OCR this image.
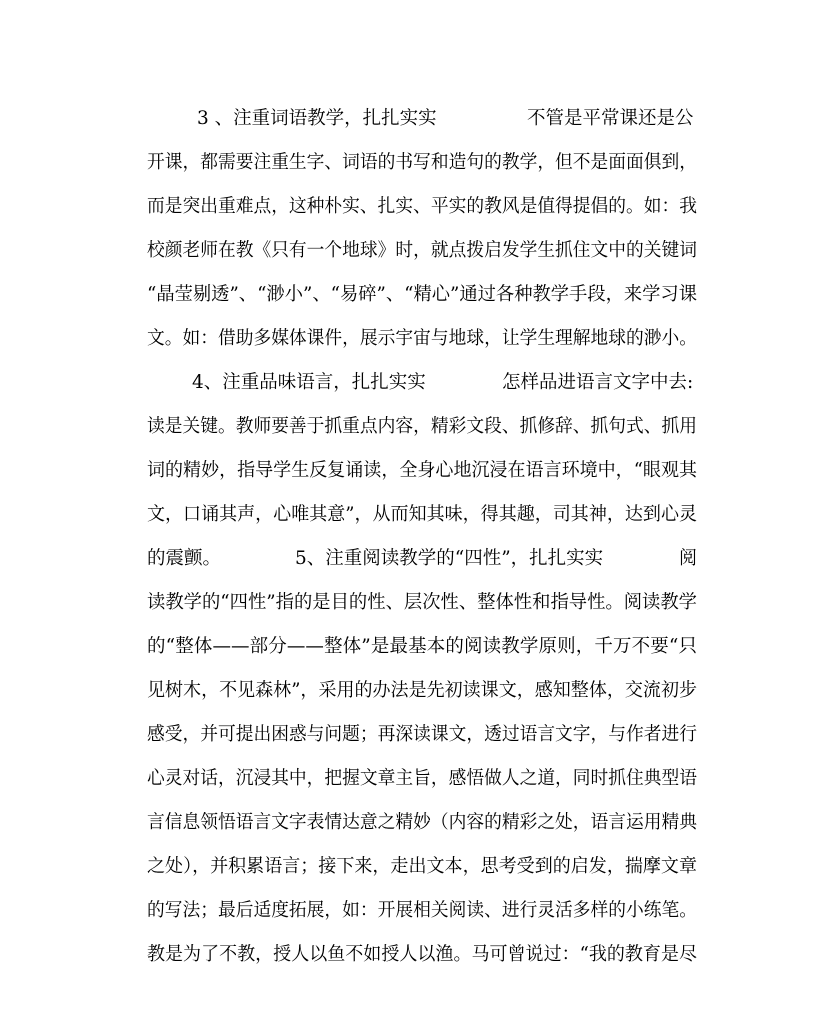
3 、注重词语教学，扎扎实实	不管是平常课还是公
开课，都需要注重生字、词语的书写和造句的教学，但不是面面俱到，
而是突出重难点，这种朴实、扎实、平实的教风是值得提倡的。如：我
校颜老师在教《只有一个地球》时，就点拨启发学生抓住文中的关键词
“晶莹剔透”、“渺小”、“易碎”、“精心”通过各种教学手段，来学习课
文。如：借助多媒体课件，展示宇宙与地球，让学生理解地球的渺小。
4、注重品味语言，扎扎实实	怎样品进语言文字中去:
读是关键。教师要善于抓重点内容，精彩文段、抓修辞、抓句式、抓用
词的精妙，指导学生反复诵读，全身心地沉浸在语言环境中，“眼观其
文，口诵其声，心唯其意”，从而知其味，得其趣，司其神，达到心灵
的震颤。	5、注重阅读教学的“四性”，扎扎实实	阅
读教学的“四性”指的是目的性、层次性、整体性和指导性。阅读教学
的“整体——部分——整体”是最基本的阅读教学原则，千万不要“只
见树木，不见森林”，采用的办法是先初读课文，感知整体，交流初步
感受，并可提出困惑与问题；再深读课文，透过语言文字，与作者进行
心灵对话，沉浸其中，把握文章主旨，感悟做人之道，同时抓住典型语
言信息领悟语言文字表情达意之精妙（内容的精彩之处，语言运用精典
之处），并积累语言；接下来，走出文本，思考受到的启发，揣摩文章
的写法；最后适度拓展，如：开展相关阅读、进行灵活多样的小练笔。
教是为了不教，授人以鱼不如授人以渔。马可曾说过：“我的教育是尽
